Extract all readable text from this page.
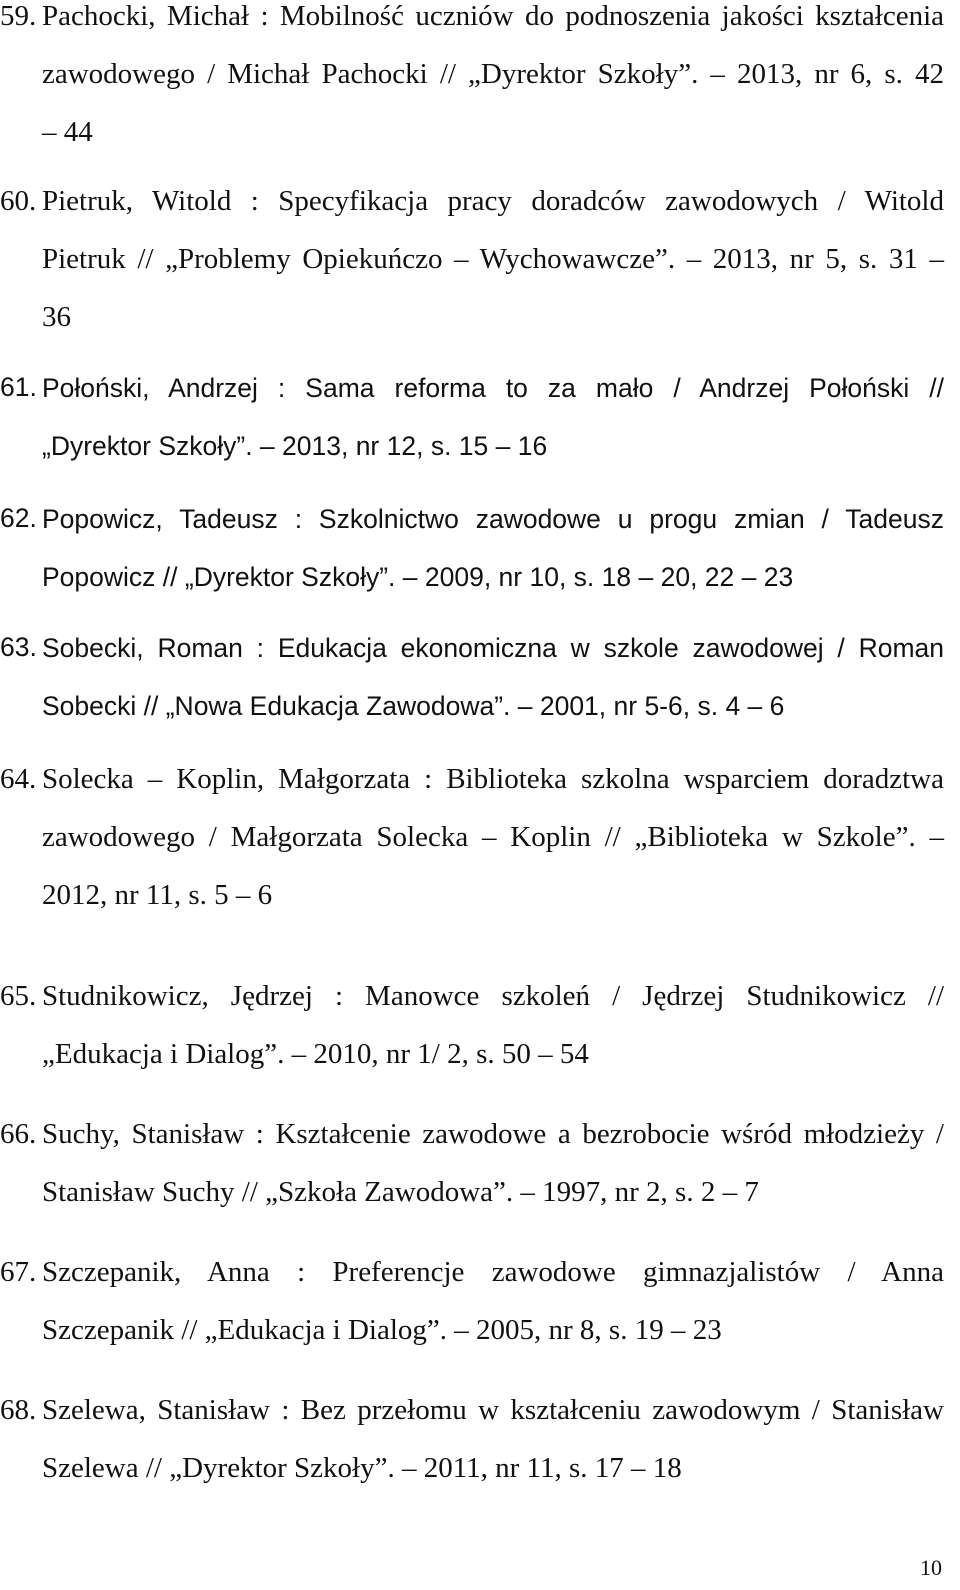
59. Pachocki, Michał : Mobilność uczniów do podnoszenia jakości kształcenia
zawodowego / Michał Pachocki // „Dyrektor Szkoły”. – 2013, nr 6, s. 42
– 44
60. Pietruk, Witold : Specyfikacja pracy doradców zawodowych / Witold
Pietruk // „Problemy Opiekuńczo – Wychowawcze”. – 2013, nr 5, s. 31 –
36
61. Połoński, Andrzej : Sama reforma to za mało / Andrzej Połoński //
„Dyrektor Szkoły”. – 2013, nr 12, s. 15 – 16
62. Popowicz, Tadeusz : Szkolnictwo zawodowe u progu zmian / Tadeusz
Popowicz // „Dyrektor Szkoły”. – 2009, nr 10, s. 18 – 20, 22 – 23
63. Sobecki, Roman : Edukacja ekonomiczna w szkole zawodowej / Roman
Sobecki // „Nowa Edukacja Zawodowa”. – 2001, nr 5-6, s. 4 – 6
64. Solecka – Koplin, Małgorzata : Biblioteka szkolna wsparciem doradztwa
zawodowego / Małgorzata Solecka – Koplin // „Biblioteka w Szkole”. –
2012, nr 11, s. 5 – 6
65. Studnikowicz, Jędrzej : Manowce szkoleń / Jędrzej Studnikowicz //
„Edukacja i Dialog”. – 2010, nr 1/ 2, s. 50 – 54
66. Suchy, Stanisław : Kształcenie zawodowe a bezrobocie wśród młodzieży /
Stanisław Suchy // „Szkoła Zawodowa”. – 1997, nr 2, s. 2 – 7
67. Szczepanik, Anna : Preferencje zawodowe gimnazjalistów / Anna
Szczepanik // „Edukacja i Dialog”. – 2005, nr 8, s. 19 – 23
68. Szelewa, Stanisław : Bez przełomu w kształceniu zawodowym / Stanisław
Szelewa // „Dyrektor Szkoły”. – 2011, nr 11, s. 17 – 18
10
